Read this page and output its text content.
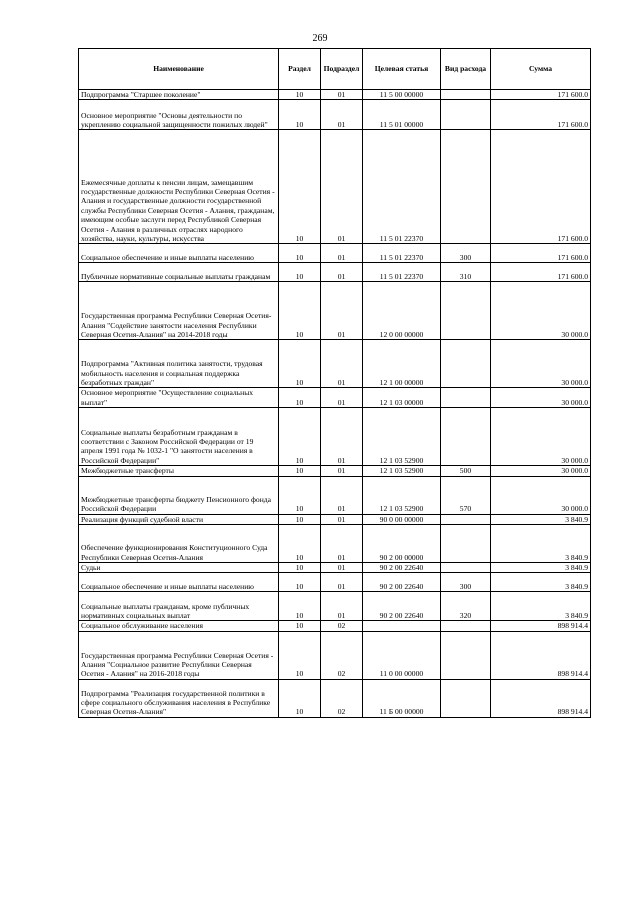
269
Наименование	Раздел	Подраздел	Целевая статья	Вид расхода	Сумма
Подпрограмма "Старшее поколение"	10	01	11 5 00 00000		171 600.0
Основное мероприятие "Основы деятельности по укреплению социальной защищенности пожилых людей"	10	01	11 5 01 00000		171 600.0
Ежемесячные доплаты к пенсии лицам, замещавшим государственные должности Республики Северная Осетия - Алания и государственные должности государственной службы Республики Северная Осетия - Алания, гражданам, имеющим особые заслуги перед Республикой Северная Осетия - Алания в различных отраслях народного хозяйства, науки, культуры, искусства	10	01	11 5 01 22370		171 600.0
Социальное обеспечение и иные выплаты населению	10	01	11 5 01 22370	300	171 600.0
Публичные нормативные социальные выплаты гражданам	10	01	11 5 01 22370	310	171 600.0
Государственная программа Республики Северная Осетия-Алания "Содействие занятости населения Республики Северная Осетия-Алания" на 2014-2018 годы	10	01	12 0 00 00000		30 000.0
Подпрограмма "Активная политика занятости, трудовая мобильность населения и социальная поддержка безработных граждан"	10	01	12 1 00 00000		30 000.0
Основное мероприятие "Осуществление социальных выплат"	10	01	12 1 03 00000		30 000.0
Социальные выплаты безработным гражданам в соответствии с Законом Российской Федерации от 19 апреля 1991 года № 1032-1 "О занятости населения в Российской Федерации"	10	01	12 1 03 52900		30 000.0
Межбюджетные трансферты	10	01	12 1 03 52900	500	30 000.0
Межбюджетные трансферты бюджету Пенсионного фонда Российской Федерации	10	01	12 1 03 52900	570	30 000.0
Реализация функций судебной власти	10	01	90 0 00 00000		3 840.9
Обеспечение функционирования Конституционного Суда Республики Северная Осетия-Алания	10	01	90 2 00 00000		3 840.9
Судьи	10	01	90 2 00 22640		3 840.9
Социальное обеспечение и иные выплаты населению	10	01	90 2 00 22640	300	3 840.9
Социальные выплаты гражданам, кроме публичных нормативных социальных выплат	10	01	90 2 00 22640	320	3 840.9
Социальное обслуживание населения	10	02			898 914.4
Государственная программа Республики Северная Осетия - Алания "Социальное развитие Республики Северная Осетия - Алания" на 2016-2018 годы	10	02	11 0 00 00000		898 914.4
Подпрограмма "Реализация государственной политики в сфере социального обслуживания населения в Республике Северная Осетия-Алания"	10	02	11 Б 00 00000		898 914.4
